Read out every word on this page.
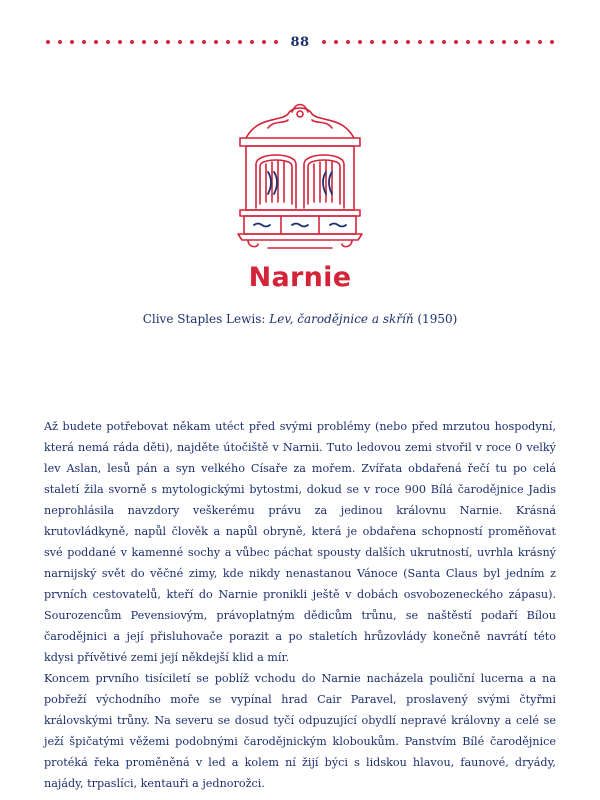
88
Narnie
Clive Staples Lewis: Lev, čarodějnice a skříň (1950)

Až budete potřebovat někam utéct před svými problémy (nebo před mrzutou hospodyní, která nemá ráda děti), najděte útočiště v Narnii. Tuto ledovou zemi stvořil v roce 0 velký lev Aslan, lesů pán a syn velkého Císaře za mořem. Zvířata obdařená řečí tu po celá staletí žila svorně s mytologickými bytostmi, dokud se v roce 900 Bílá čarodějnice Jadis neprohlásila navzdory veškerému právu za jedinou královnu Narnie. Krásná krutovládkyně, napůl člověk a napůl obryně, která je obdařena schopností proměňovat své poddané v kamenné sochy a vůbec páchat spousty dalších ukrutností, uvrhla krásný narnijský svět do věčné zimy, kde nikdy nenastanou Vánoce (Santa Claus byl jedním z prvních cestovatelů, kteří do Narnie pronikli ještě v dobách osvobozeneckého zápasu). Sourozencům Pevensiovým, právoplatným dědicům trůnu, se naštěstí podaří Bílou čarodějnici a její přisluhovače porazit a po staletích hrůzovlády konečně navrátí této kdysi přívětivé zemi její někdejší klid a mír.

Koncem prvního tisíciletí se poblíž vchodu do Narnie nacházela pouliční lucerna a na pobřeží východního moře se vypínal hrad Cair Paravel, proslavený svými čtyřmi královskými trůny. Na severu se dosud tyčí odpuzující obydlí nepravé královny a celé se ježí špičatými věžemi podobnými čarodějnickým kloboukům. Panstvím Bílé čarodějnice protéká řeka proměněná v led a kolem ní žijí býci s lidskou hlavou, faunové, dryády, najády, trpaslíci, kentauři a jednorožci.
